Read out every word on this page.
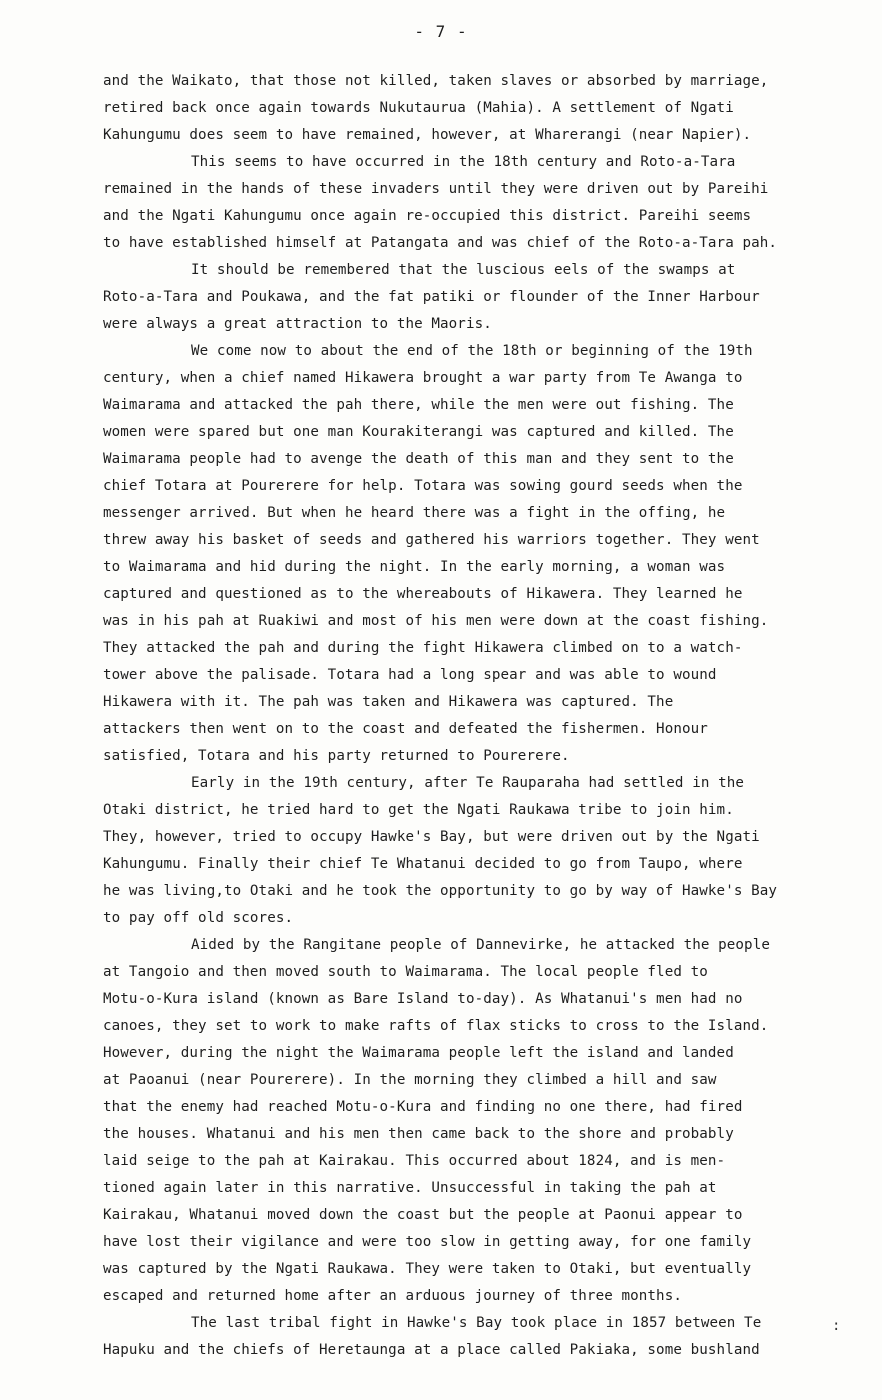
- 7 -
and the Waikato, that those not killed, taken slaves or absorbed by marriage,
retired back once again towards Nukutaurua (Mahia). A settlement of Ngati
Kahungumu does seem to have remained, however, at Wharerangi (near Napier).
This seems to have occurred in the 18th century and Roto-a-Tara
remained in the hands of these invaders until they were driven out by Pareihi
and the Ngati Kahungumu once again re-occupied this district. Pareihi seems
to have established himself at Patangata and was chief of the Roto-a-Tara pah.
It should be remembered that the luscious eels of the swamps at
Roto-a-Tara and Poukawa, and the fat patiki or flounder of the Inner Harbour
were always a great attraction to the Maoris.
We come now to about the end of the 18th or beginning of the 19th
century, when a chief named Hikawera brought a war party from Te Awanga to
Waimarama and attacked the pah there, while the men were out fishing. The
women were spared but one man Kourakiterangi was captured and killed. The
Waimarama people had to avenge the death of this man and they sent to the
chief Totara at Pourerere for help. Totara was sowing gourd seeds when the
messenger arrived. But when he heard there was a fight in the offing, he
threw away his basket of seeds and gathered his warriors together. They went
to Waimarama and hid during the night. In the early morning, a woman was
captured and questioned as to the whereabouts of Hikawera. They learned he
was in his pah at Ruakiwi and most of his men were down at the coast fishing.
They attacked the pah and during the fight Hikawera climbed on to a watch-
tower above the palisade. Totara had a long spear and was able to wound
Hikawera with it. The pah was taken and Hikawera was captured. The
attackers then went on to the coast and defeated the fishermen. Honour
satisfied, Totara and his party returned to Pourerere.
Early in the 19th century, after Te Rauparaha had settled in the
Otaki district, he tried hard to get the Ngati Raukawa tribe to join him.
They, however, tried to occupy Hawke's Bay, but were driven out by the Ngati
Kahungumu. Finally their chief Te Whatanui decided to go from Taupo, where
he was living,to Otaki and he took the opportunity to go by way of Hawke's Bay
to pay off old scores.
Aided by the Rangitane people of Dannevirke, he attacked the people
at Tangoio and then moved south to Waimarama. The local people fled to
Motu-o-Kura island (known as Bare Island to-day). As Whatanui's men had no
canoes, they set to work to make rafts of flax sticks to cross to the Island.
However, during the night the Waimarama people left the island and landed
at Paoanui (near Pourerere). In the morning they climbed a hill and saw
that the enemy had reached Motu-o-Kura and finding no one there, had fired
the houses. Whatanui and his men then came back to the shore and probably
laid seige to the pah at Kairakau. This occurred about 1824, and is men-
tioned again later in this narrative. Unsuccessful in taking the pah at
Kairakau, Whatanui moved down the coast but the people at Paonui appear to
have lost their vigilance and were too slow in getting away, for one family
was captured by the Ngati Raukawa. They were taken to Otaki, but eventually
escaped and returned home after an arduous journey of three months.
The last tribal fight in Hawke's Bay took place in 1857 between Te
Hapuku and the chiefs of Heretaunga at a place called Pakiaka, some bushland
:
